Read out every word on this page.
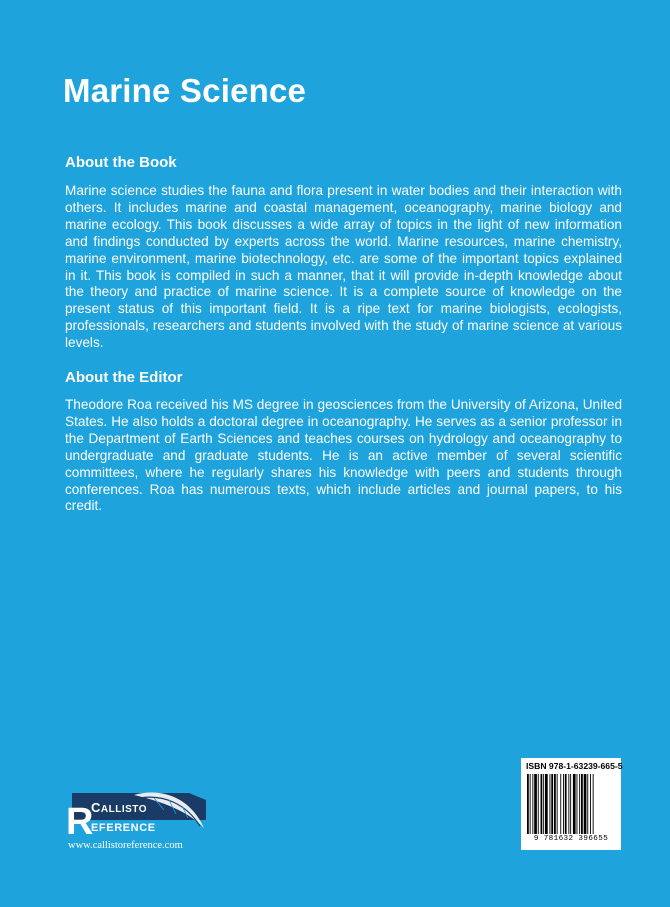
Marine Science
About the Book

Marine science studies the fauna and flora present in water bodies and their interaction with others. It includes marine and coastal management, oceanography, marine biology and marine ecology. This book discusses a wide array of topics in the light of new information and findings conducted by experts across the world. Marine resources, marine chemistry, marine environment, marine biotechnology, etc. are some of the important topics explained in it. This book is compiled in such a manner, that it will provide in-depth knowledge about the theory and practice of marine science. It is a complete source of knowledge on the present status of this important field. It is a ripe text for marine biologists, ecologists, professionals, researchers and students involved with the study of marine science at various levels.

About the Editor

Theodore Roa received his MS degree in geosciences from the University of Arizona, United States. He also holds a doctoral degree in oceanography. He serves as a senior professor in the Department of Earth Sciences and teaches courses on hydrology and oceanography to undergraduate and graduate students. He is an active member of several scientific committees, where he regularly shares his knowledge with peers and students through conferences. Roa has numerous texts, which include articles and journal papers, to his credit.

R
CALLISTO
EFERENCE
www.callistoreference.com
ISBN 978-1-63239-665-5
9 781632 396655
